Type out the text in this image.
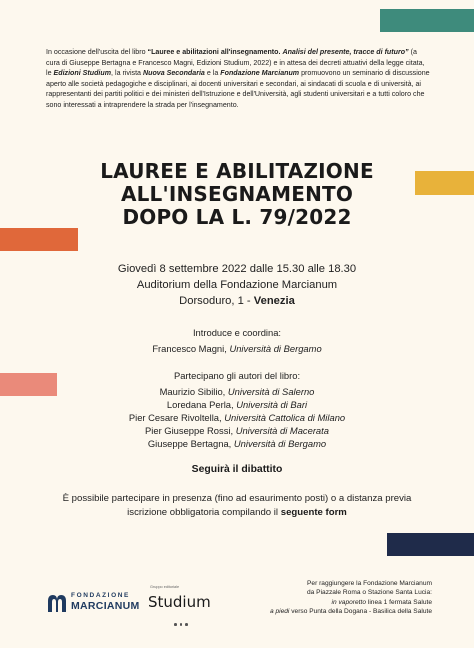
In occasione dell'uscita del libro “Lauree e abilitazioni all'insegnamento. Analisi del presente, tracce di futuro” (a cura di Giuseppe Bertagna e Francesco Magni, Edizioni Studium, 2022) e in attesa dei decreti attuativi della legge citata, le Edizioni Studium, la rivista Nuova Secondaria e la Fondazione Marcianum promuovono un seminario di discussione aperto alle società pedagogiche e disciplinari, ai docenti universitari e secondari, ai sindacati di scuola e di università, ai rappresentanti dei partiti politici e dei ministeri dell'Istruzione e dell'Università, agli studenti universitari e a tutti coloro che sono interessati a intraprendere la strada per l'insegnamento.
LAUREE E ABILITAZIONE
ALL'INSEGNAMENTO
DOPO LA L. 79/2022
Giovedì 8 settembre 2022 dalle 15.30 alle 18.30
Auditorium della Fondazione Marcianum
Dorsoduro, 1 - Venezia
Introduce e coordina:
Francesco Magni, Università di Bergamo
Partecipano gli autori del libro:
Maurizio Sibilio, Università di Salerno
Loredana Perla, Università di Bari
Pier Cesare Rivoltella, Università Cattolica di Milano
Pier Giuseppe Rossi, Università di Macerata
Giuseppe Bertagna, Università di Bergamo
Seguirà il dibattito
È possibile partecipare in presenza (fino ad esaurimento posti) o a distanza previa
iscrizione obbligatoria compilando il seguente form
FONDAZIONE
MARCIANUM
Gruppo editoriale
Studium
Per raggiungere la Fondazione Marcianum
da Piazzale Roma o Stazione Santa Lucia:
in vaporetto linea 1 fermata Salute
a piedi verso Punta della Dogana - Basilica della Salute
